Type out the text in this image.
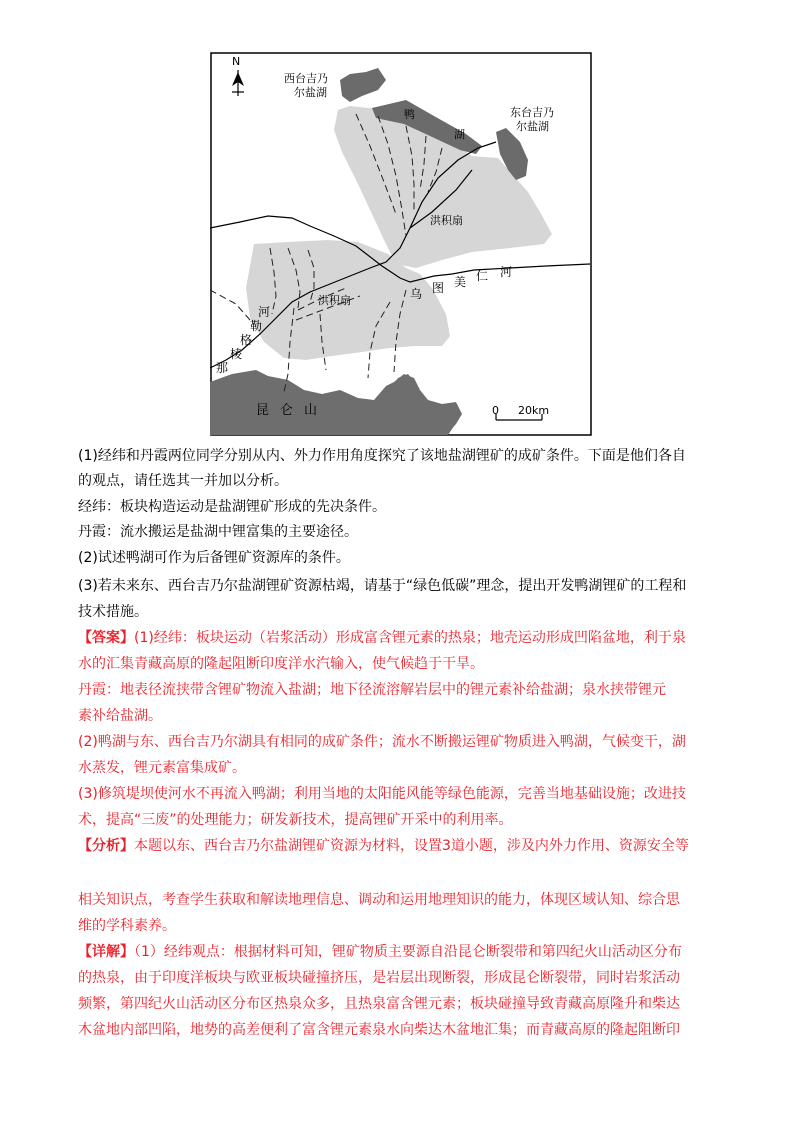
N
0 20km
西台吉乃
尔盐湖
东台吉乃
尔盐湖
鸭
湖
洪积扇
洪积扇	乌 图 美 仁 河
那
棱
格
勒
河
昆 仑 山
(1)经纬和丹霞两位同学分别从内、外力作用角度探究了该地盐湖锂矿的成矿条件。下面是他们各自
的观点，请任选其一并加以分析。
经纬：板块构造运动是盐湖锂矿形成的先决条件。
丹霞：流水搬运是盐湖中锂富集的主要途径。
(2)试述鸭湖可作为后备锂矿资源库的条件。
(3)若未来东、西台吉乃尔盐湖锂矿资源枯竭，请基于“绿色低碳”理念，提出开发鸭湖锂矿的工程和
技术措施。
【答案】(1)经纬：板块运动（岩浆活动）形成富含锂元素的热泉；地壳运动形成凹陷盆地，利于泉
水的汇集青藏高原的隆起阻断印度洋水汽输入，使气候趋于干旱。
丹霞：地表径流挟带含锂矿物流入盐湖；地下径流溶解岩层中的锂元素补给盐湖；泉水挟带锂元
素补给盐湖。
(2)鸭湖与东、西台吉乃尔湖具有相同的成矿条件；流水不断搬运锂矿物质进入鸭湖，气候变干，湖
水蒸发，锂元素富集成矿。
(3)修筑堤坝使河水不再流入鸭湖；利用当地的太阳能风能等绿色能源，完善当地基础设施；改进技
术，提高“三废”的处理能力；研发新技术，提高锂矿开采中的利用率。
【分析】本题以东、西台吉乃尔盐湖锂矿资源为材料，设置3道小题，涉及内外力作用、资源安全等
相关知识点，考查学生获取和解读地理信息、调动和运用地理知识的能力，体现区域认知、综合思
维的学科素养。
【详解】（1）经纬观点：根据材料可知，锂矿物质主要源自沿昆仑断裂带和第四纪火山活动区分布
的热泉，由于印度洋板块与欧亚板块碰撞挤压，是岩层出现断裂，形成昆仑断裂带，同时岩浆活动
频繁，第四纪火山活动区分布区热泉众多，且热泉富含锂元素；板块碰撞导致青藏高原隆升和柴达
木盆地内部凹陷，地势的高差便利了富含锂元素泉水向柴达木盆地汇集；而青藏高原的隆起阻断印
